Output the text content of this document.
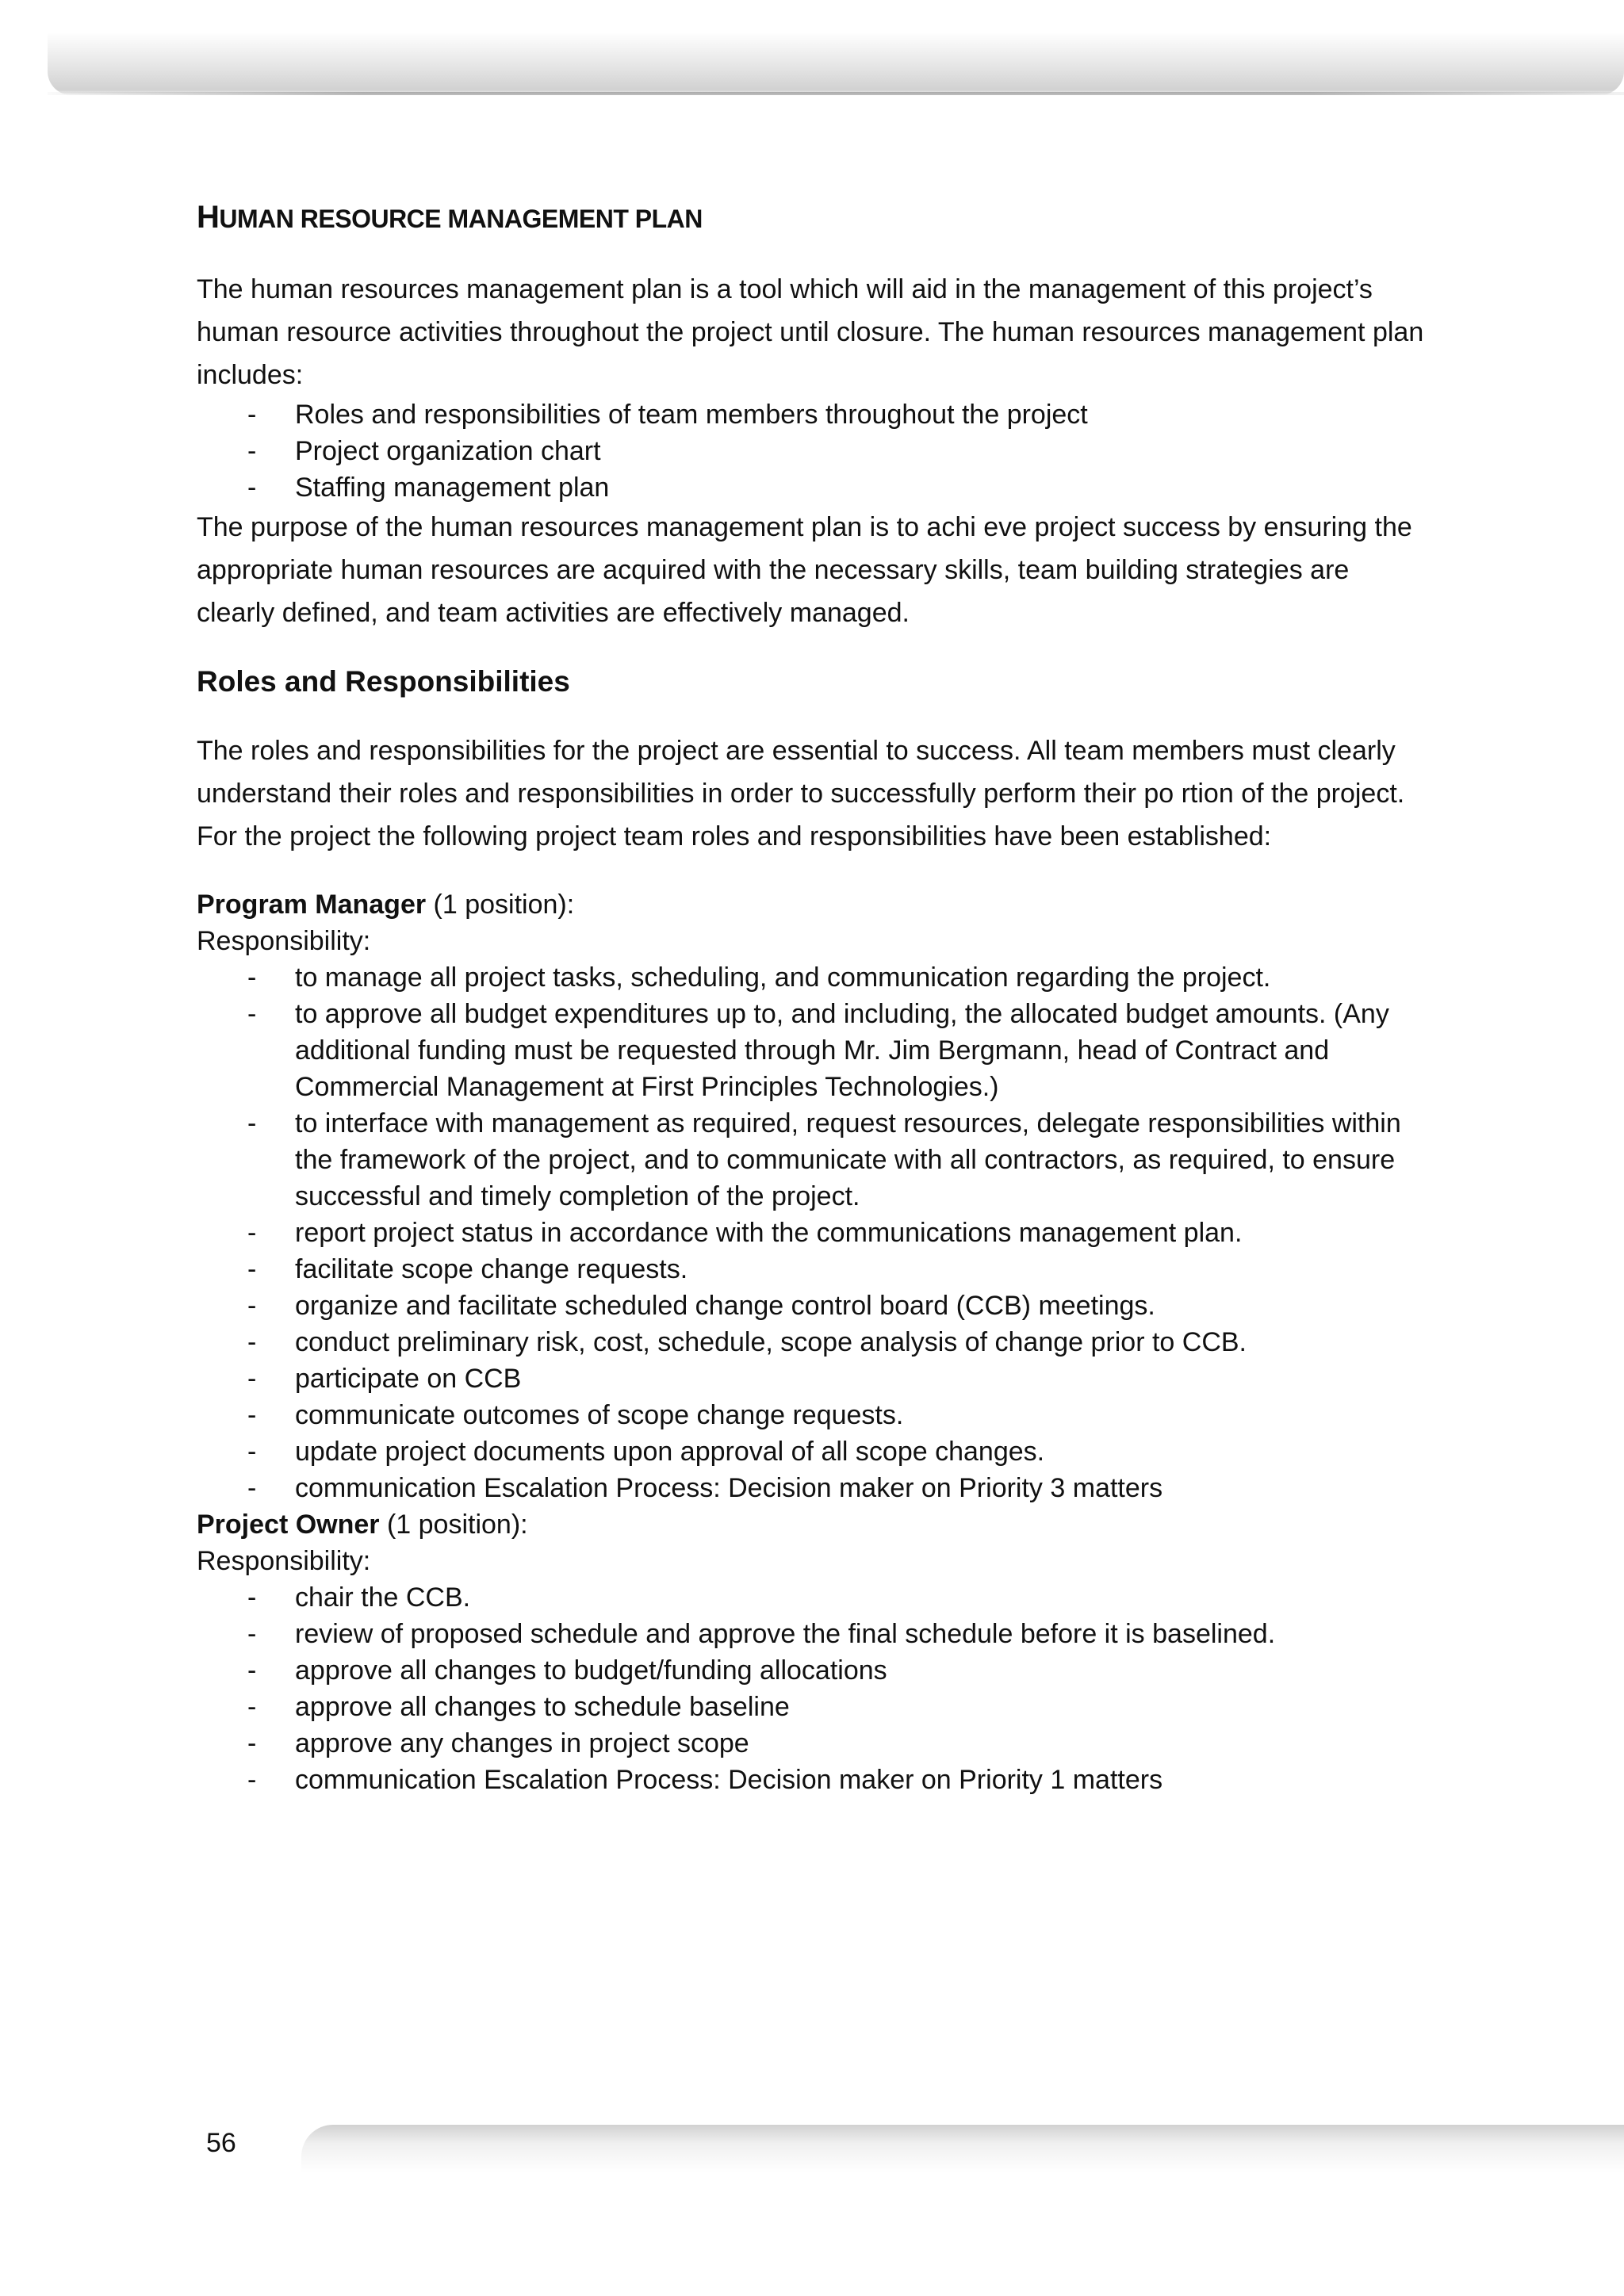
HUMAN RESOURCE MANAGEMENT PLAN

The human resources management plan is a tool which will aid in the management of this project’s human resource activities throughout the project until closure. The human resources management plan includes:

- Roles and responsibilities of team members throughout the project
- Project organization chart
- Staffing management plan

The purpose of the human resources management plan is to achi eve project success by ensuring the appropriate human resources are acquired with the necessary skills, team building strategies are clearly defined, and team activities are effectively managed.

Roles and Responsibilities

The roles and responsibilities for the project are essential to success. All team members must clearly understand their roles and responsibilities in order to successfully perform their po rtion of the project. For the project the following project team roles and responsibilities have been established:

Program Manager (1 position):

Responsibility:

- to manage all project tasks, scheduling, and communication regarding the project.
- to approve all budget expenditures up to, and including, the allocated budget amounts. (Any additional funding must be requested through Mr. Jim Bergmann, head of Contract and Commercial Management at First Principles Technologies.)
- to interface with management as required, request resources, delegate responsibilities within the framework of the project, and to communicate with all contractors, as required, to ensure successful and timely completion of the project.
- report project status in accordance with the communications management plan.
- facilitate scope change requests.
- organize and facilitate scheduled change control board (CCB) meetings.
- conduct preliminary risk, cost, schedule, scope analysis of change prior to CCB.
- participate on CCB
- communicate outcomes of scope change requests.
- update project documents upon approval of all scope changes.
- communication Escalation Process: Decision maker on Priority 3 matters

Project Owner (1 position):

Responsibility:

- chair the CCB.
- review of proposed schedule and approve the final schedule before it is baselined.
- approve all changes to budget/funding allocations
- approve all changes to schedule baseline
- approve any changes in project scope
- communication Escalation Process: Decision maker on Priority 1 matters
56
